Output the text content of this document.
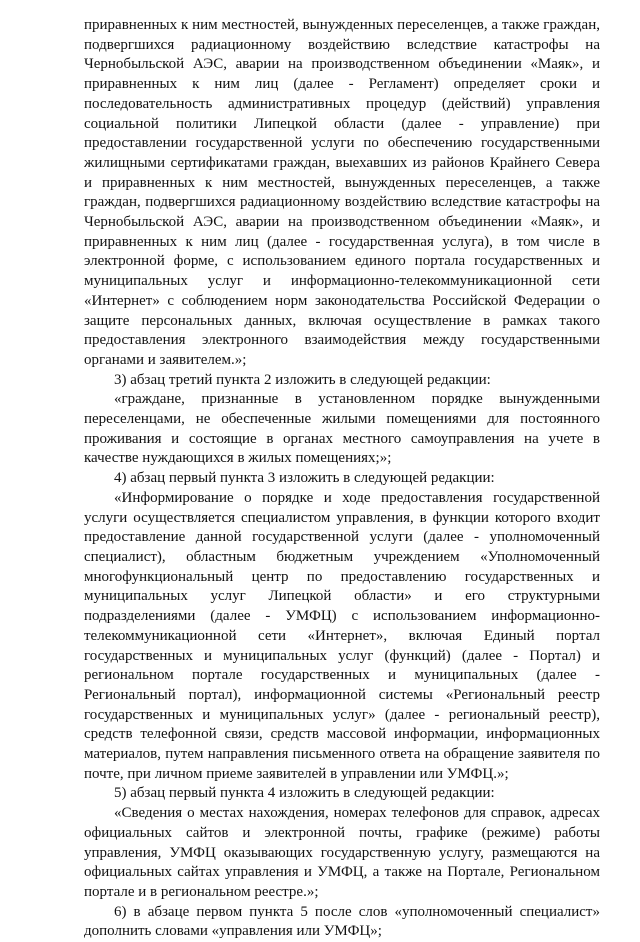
приравненных к ним местностей, вынужденных переселенцев, а также граждан, подвергшихся радиационному воздействию вследствие катастрофы на Чернобыльской АЭС, аварии на производственном объединении «Маяк», и приравненных к ним лиц (далее - Регламент) определяет сроки и последовательность административных процедур (действий) управления социальной политики Липецкой области (далее - управление) при предоставлении государственной услуги по обеспечению государственными жилищными сертификатами граждан, выехавших из районов Крайнего Севера и приравненных к ним местностей, вынужденных переселенцев, а также граждан, подвергшихся радиационному воздействию вследствие катастрофы на Чернобыльской АЭС, аварии на производственном объединении «Маяк», и приравненных к ним лиц (далее - государственная услуга), в том числе в электронной форме, с использованием единого портала государственных и муниципальных услуг и информационно-телекоммуникационной сети «Интернет» с соблюдением норм законодательства Российской Федерации о защите персональных данных, включая осуществление в рамках такого предоставления электронного взаимодействия между государственными органами и заявителем.»;

3) абзац третий пункта 2 изложить в следующей редакции:

«граждане, признанные в установленном порядке вынужденными переселенцами, не обеспеченные жилыми помещениями для постоянного проживания и состоящие в органах местного самоуправления на учете в качестве нуждающихся в жилых помещениях;»;

4) абзац первый пункта 3 изложить в следующей редакции:

«Информирование о порядке и ходе предоставления государственной услуги осуществляется специалистом управления, в функции которого входит предоставление данной государственной услуги (далее - уполномоченный специалист), областным бюджетным учреждением «Уполномоченный многофункциональный центр по предоставлению государственных и муниципальных услуг Липецкой области» и его структурными подразделениями (далее - УМФЦ) с использованием информационно-телекоммуникационной сети «Интернет», включая Единый портал государственных и муниципальных услуг (функций) (далее - Портал) и региональном портале государственных и муниципальных (далее - Региональный портал), информационной системы «Региональный реестр государственных и муниципальных услуг» (далее - региональный реестр), средств телефонной связи, средств массовой информации, информационных материалов, путем направления письменного ответа на обращение заявителя по почте, при личном приеме заявителей в управлении или УМФЦ.»;

5) абзац первый пункта 4 изложить в следующей редакции:

«Сведения о местах нахождения, номерах телефонов для справок, адресах официальных сайтов и электронной почты, графике (режиме) работы управления, УМФЦ оказывающих государственную услугу, размещаются на официальных сайтах управления и УМФЦ, а также на Портале, Региональном портале и в региональном реестре.»;

6) в абзаце первом пункта 5 после слов «уполномоченный специалист» дополнить словами «управления или УМФЦ»;
